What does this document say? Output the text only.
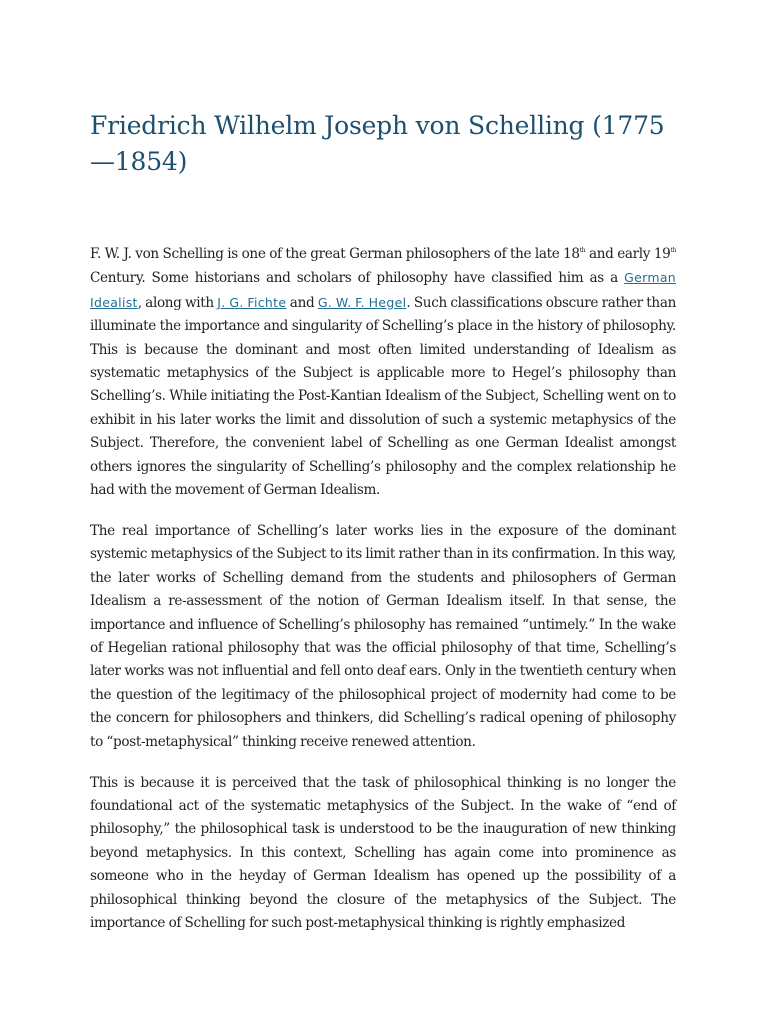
Friedrich Wilhelm Joseph von Schelling (1775—1854)

F. W. J. von Schelling is one of the great German philosophers of the late 18th and early 19th Century. Some historians and scholars of philosophy have classified him as a German Idealist, along with J. G. Fichte and G. W. F. Hegel. Such classifications obscure rather than illuminate the importance and singularity of Schelling’s place in the history of philosophy. This is because the dominant and most often limited understanding of Idealism as systematic metaphysics of the Subject is applicable more to Hegel’s philosophy than Schelling’s. While initiating the Post-Kantian Idealism of the Subject, Schelling went on to exhibit in his later works the limit and dissolution of such a systemic metaphysics of the Subject. Therefore, the convenient label of Schelling as one German Idealist amongst others ignores the singularity of Schelling’s philosophy and the complex relationship he had with the movement of German Idealism.

The real importance of Schelling’s later works lies in the exposure of the dominant systemic metaphysics of the Subject to its limit rather than in its confirmation. In this way, the later works of Schelling demand from the students and philosophers of German Idealism a re-assessment of the notion of German Idealism itself. In that sense, the importance and influence of Schelling’s philosophy has remained “untimely.” In the wake of Hegelian rational philosophy that was the official philosophy of that time, Schelling’s later works was not influential and fell onto deaf ears. Only in the twentieth century when the question of the legitimacy of the philosophical project of modernity had come to be the concern for philosophers and thinkers, did Schelling’s radical opening of philosophy to “post-metaphysical” thinking receive renewed attention.

This is because it is perceived that the task of philosophical thinking is no longer the foundational act of the systematic metaphysics of the Subject. In the wake of “end of philosophy,” the philosophical task is understood to be the inauguration of new thinking beyond metaphysics. In this context, Schelling has again come into prominence as someone who in the heyday of German Idealism has opened up the possibility of a philosophical thinking beyond the closure of the metaphysics of the Subject. The importance of Schelling for such post-metaphysical thinking is rightly emphasized
